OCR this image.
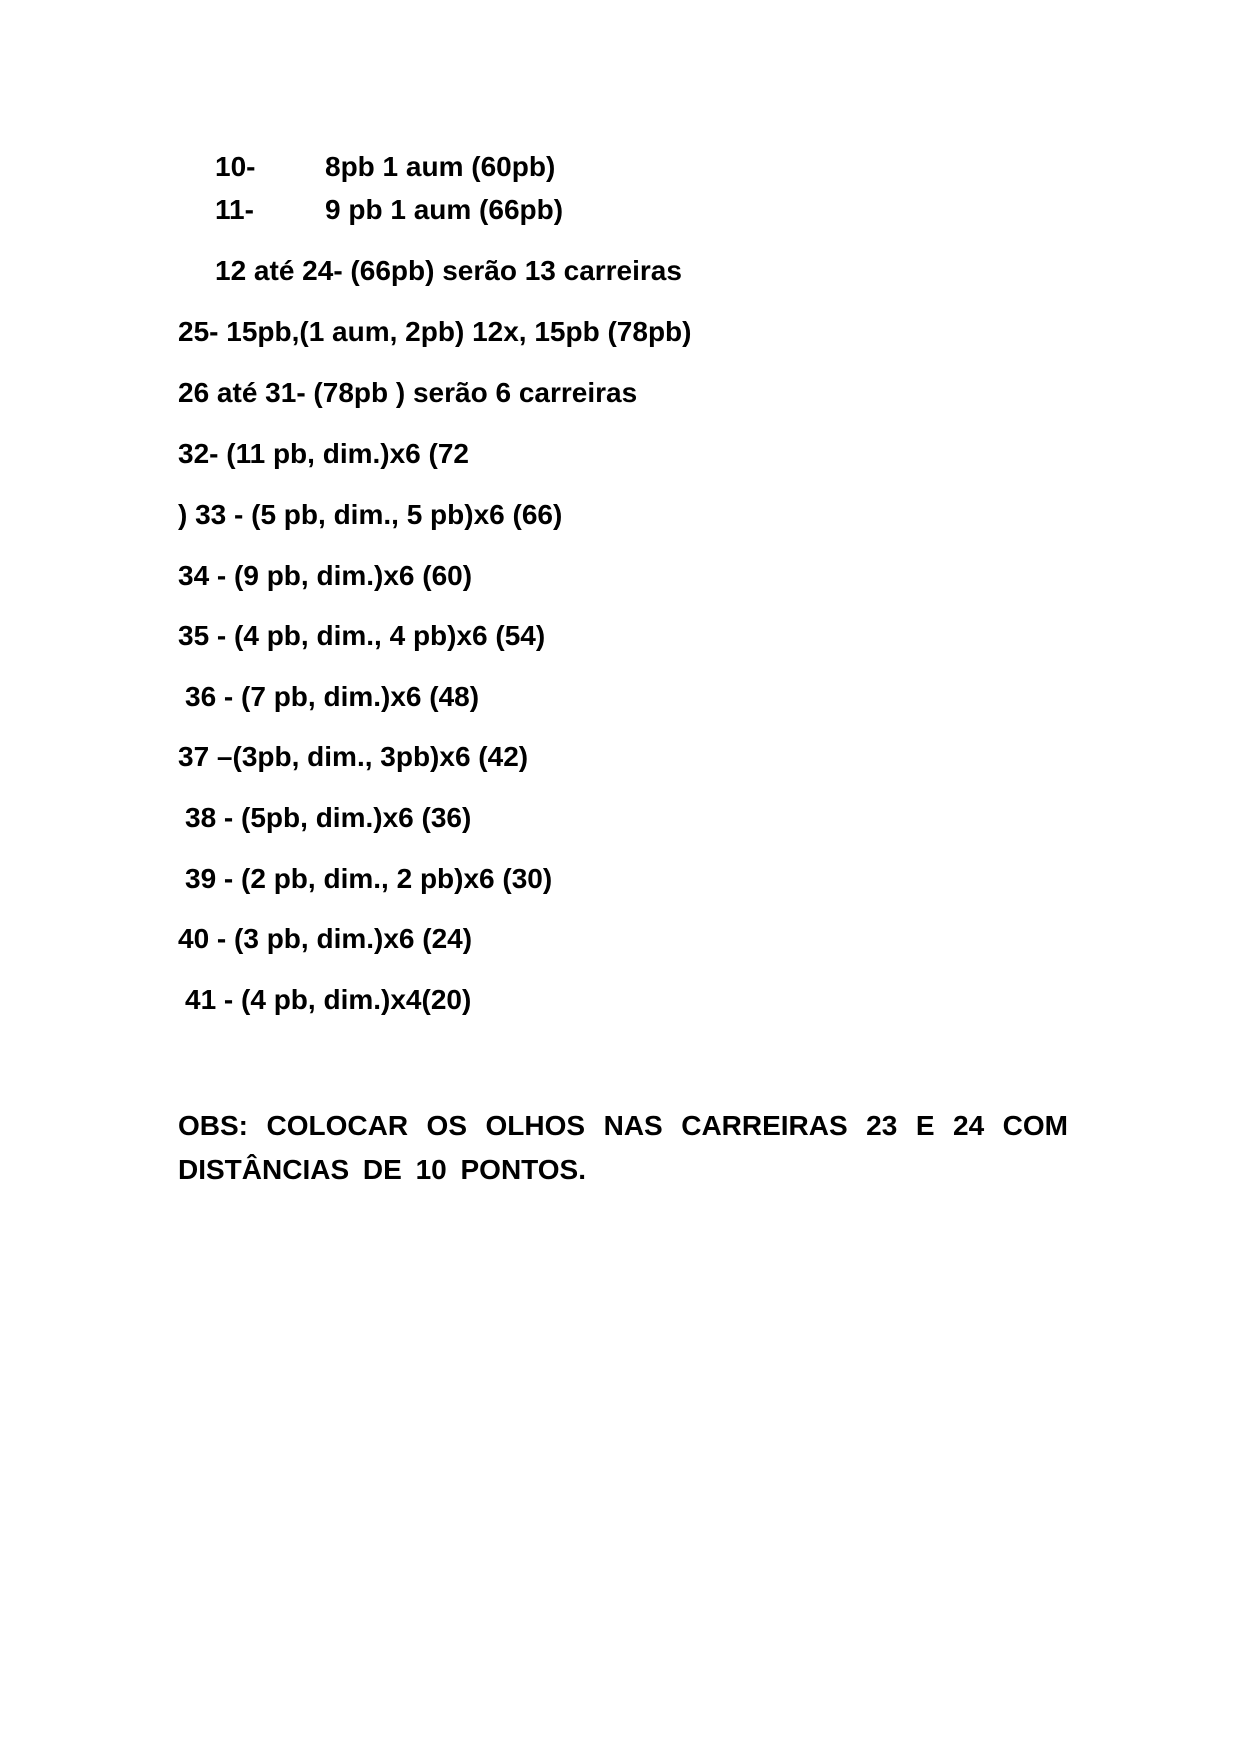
10- 8pb 1 aum (60pb)
11-	9 pb 1 aum (66pb)
12 até 24- (66pb) serão 13 carreiras
25- 15pb,(1 aum, 2pb) 12x, 15pb (78pb)
26 até 31- (78pb ) serão 6 carreiras
32- (11 pb, dim.)x6 (72
) 33 - (5 pb, dim., 5 pb)x6 (66)
34 - (9 pb, dim.)x6 (60)
35 - (4 pb, dim., 4 pb)x6 (54)
36 - (7 pb, dim.)x6 (48)
37 –(3pb, dim., 3pb)x6 (42)
38 - (5pb, dim.)x6 (36)
39 - (2 pb, dim., 2 pb)x6 (30)
40 - (3 pb, dim.)x6 (24)
41 - (4 pb, dim.)x4(20)
OBS: COLOCAR OS OLHOS NAS CARREIRAS 23 E 24 COM DISTÂNCIAS DE 10 PONTOS.
